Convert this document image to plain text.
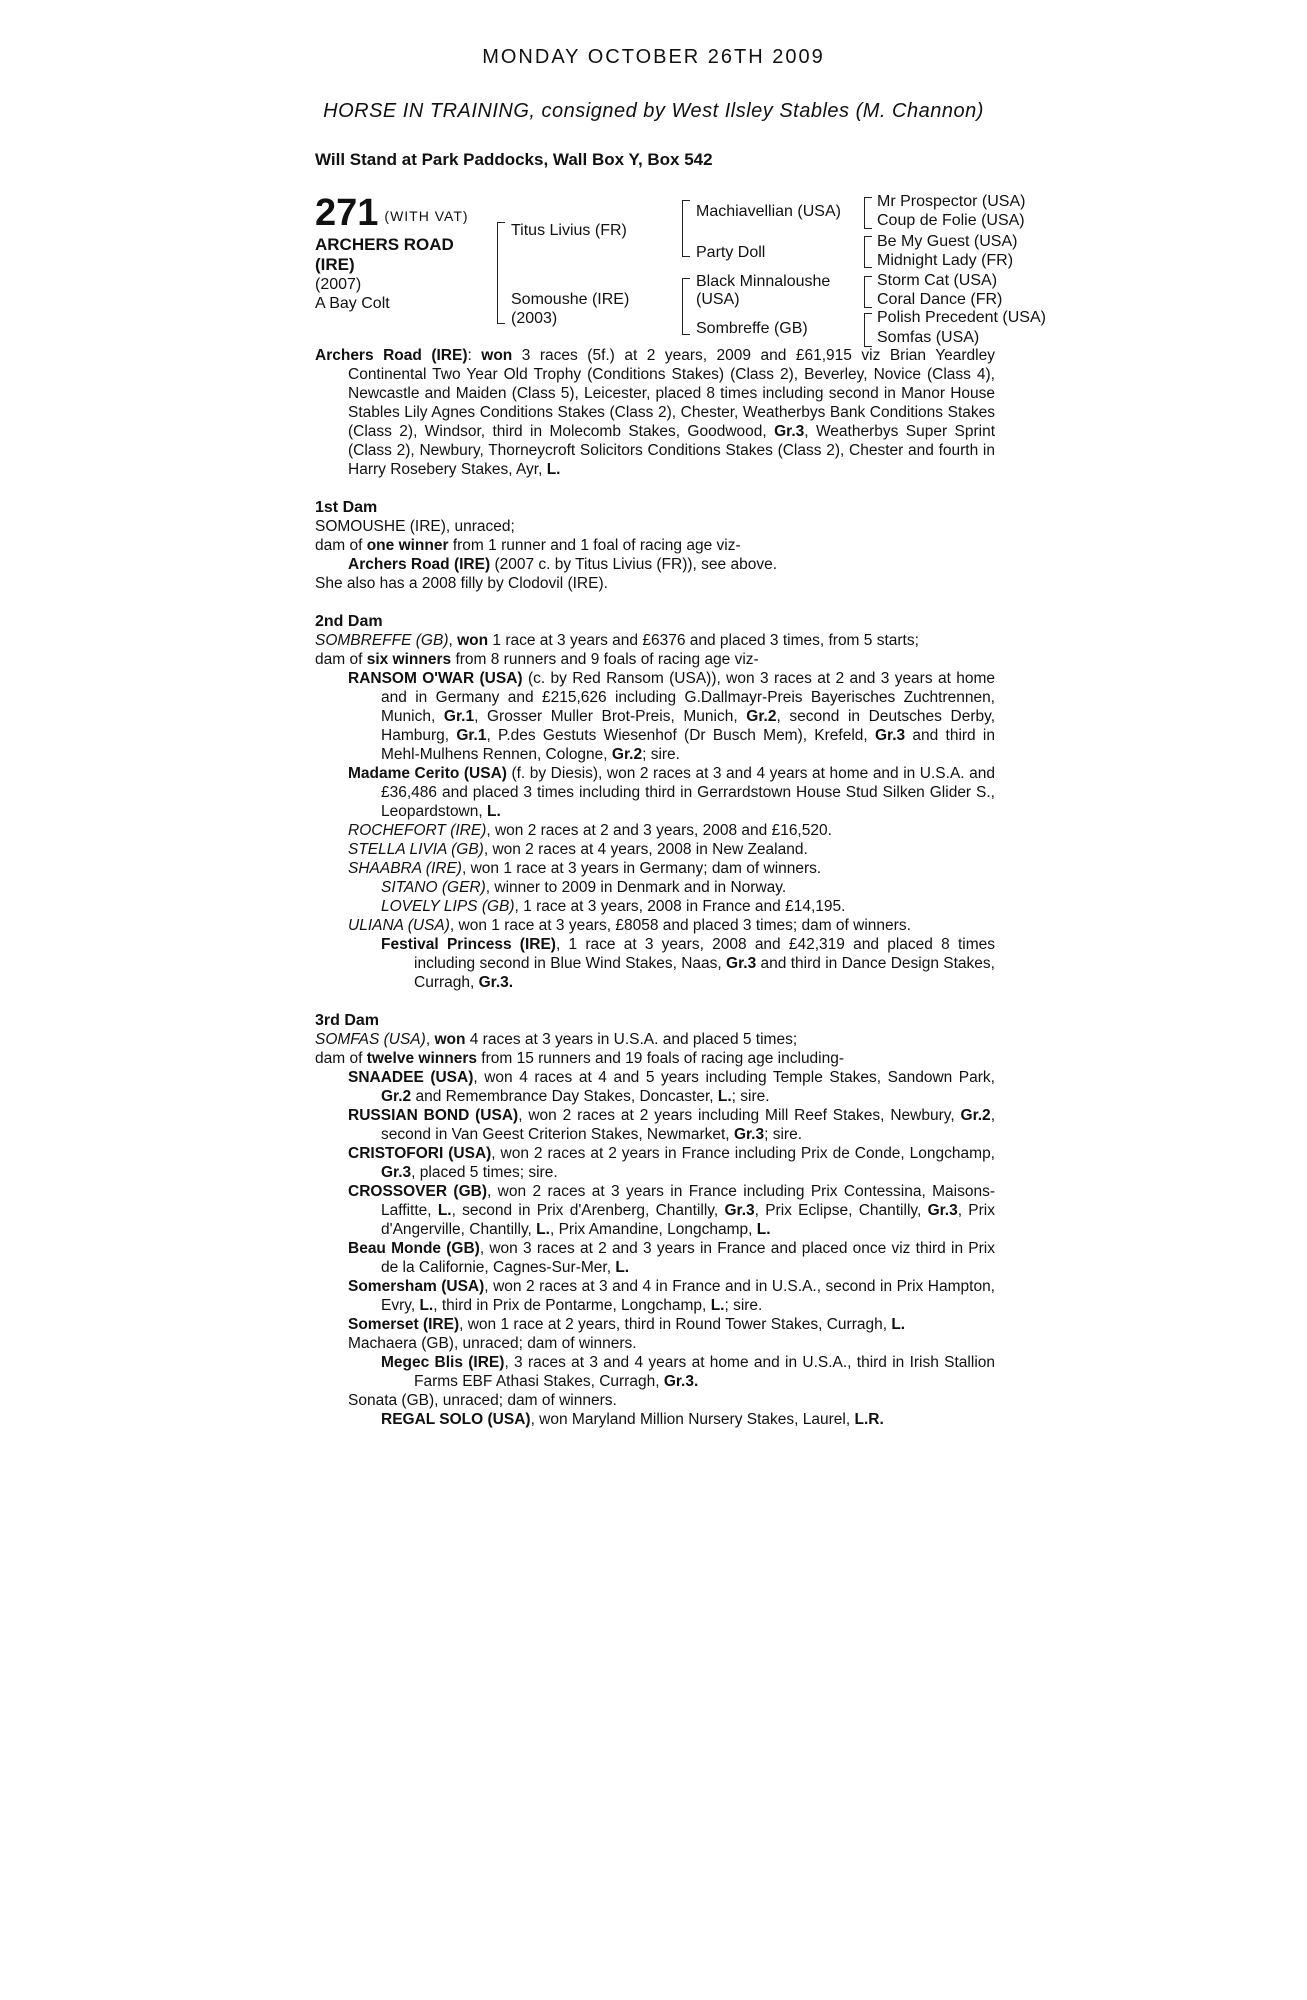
MONDAY OCTOBER 26TH 2009
HORSE IN TRAINING, consigned by West Ilsley Stables (M. Channon)
Will Stand at Park Paddocks, Wall Box Y, Box 542
271 (WITH VAT)
ARCHERS ROAD
(IRE)
(2007)
A Bay Colt
Titus Livius (FR)
Somoushe (IRE)
(2003)
Machiavellian (USA)
Party Doll
Black Minnaloushe
(USA)
Sombreffe (GB)
Mr Prospector (USA)
Coup de Folie (USA)
Be My Guest (USA)
Midnight Lady (FR)
Storm Cat (USA)
Coral Dance (FR)
Polish Precedent (USA)
Somfas (USA)

Archers Road (IRE): won 3 races (5f.) at 2 years, 2009 and £61,915 viz Brian Yeardley Continental Two Year Old Trophy (Conditions Stakes) (Class 2), Beverley, Novice (Class 4), Newcastle and Maiden (Class 5), Leicester, placed 8 times including second in Manor House Stables Lily Agnes Conditions Stakes (Class 2), Chester, Weatherbys Bank Conditions Stakes (Class 2), Windsor, third in Molecomb Stakes, Goodwood, Gr.3, Weatherbys Super Sprint (Class 2), Newbury, Thorneycroft Solicitors Conditions Stakes (Class 2), Chester and fourth in Harry Rosebery Stakes, Ayr, L.

1st Dam

SOMOUSHE (IRE), unraced;

dam of one winner from 1 runner and 1 foal of racing age viz-

Archers Road (IRE) (2007 c. by Titus Livius (FR)), see above.

She also has a 2008 filly by Clodovil (IRE).

2nd Dam

SOMBREFFE (GB), won 1 race at 3 years and £6376 and placed 3 times, from 5 starts;

dam of six winners from 8 runners and 9 foals of racing age viz-

RANSOM O'WAR (USA) (c. by Red Ransom (USA)), won 3 races at 2 and 3 years at home and in Germany and £215,626 including G.Dallmayr-Preis Bayerisches Zuchtrennen, Munich, Gr.1, Grosser Muller Brot-Preis, Munich, Gr.2, second in Deutsches Derby, Hamburg, Gr.1, P.des Gestuts Wiesenhof (Dr Busch Mem), Krefeld, Gr.3 and third in Mehl-Mulhens Rennen, Cologne, Gr.2; sire.

Madame Cerito (USA) (f. by Diesis), won 2 races at 3 and 4 years at home and in U.S.A. and £36,486 and placed 3 times including third in Gerrardstown House Stud Silken Glider S., Leopardstown, L.

ROCHEFORT (IRE), won 2 races at 2 and 3 years, 2008 and £16,520.

STELLA LIVIA (GB), won 2 races at 4 years, 2008 in New Zealand.

SHAABRA (IRE), won 1 race at 3 years in Germany; dam of winners.

SITANO (GER), winner to 2009 in Denmark and in Norway.

LOVELY LIPS (GB), 1 race at 3 years, 2008 in France and £14,195.

ULIANA (USA), won 1 race at 3 years, £8058 and placed 3 times; dam of winners.

Festival Princess (IRE), 1 race at 3 years, 2008 and £42,319 and placed 8 times including second in Blue Wind Stakes, Naas, Gr.3 and third in Dance Design Stakes, Curragh, Gr.3.

3rd Dam

SOMFAS (USA), won 4 races at 3 years in U.S.A. and placed 5 times;

dam of twelve winners from 15 runners and 19 foals of racing age including-

SNAADEE (USA), won 4 races at 4 and 5 years including Temple Stakes, Sandown Park, Gr.2 and Remembrance Day Stakes, Doncaster, L.; sire.

RUSSIAN BOND (USA), won 2 races at 2 years including Mill Reef Stakes, Newbury, Gr.2, second in Van Geest Criterion Stakes, Newmarket, Gr.3; sire.

CRISTOFORI (USA), won 2 races at 2 years in France including Prix de Conde, Longchamp, Gr.3, placed 5 times; sire.

CROSSOVER (GB), won 2 races at 3 years in France including Prix Contessina, Maisons-Laffitte, L., second in Prix d'Arenberg, Chantilly, Gr.3, Prix Eclipse, Chantilly, Gr.3, Prix d'Angerville, Chantilly, L., Prix Amandine, Longchamp, L.

Beau Monde (GB), won 3 races at 2 and 3 years in France and placed once viz third in Prix de la Californie, Cagnes-Sur-Mer, L.

Somersham (USA), won 2 races at 3 and 4 in France and in U.S.A., second in Prix Hampton, Evry, L., third in Prix de Pontarme, Longchamp, L.; sire.

Somerset (IRE), won 1 race at 2 years, third in Round Tower Stakes, Curragh, L.

Machaera (GB), unraced; dam of winners.

Megec Blis (IRE), 3 races at 3 and 4 years at home and in U.S.A., third in Irish Stallion Farms EBF Athasi Stakes, Curragh, Gr.3.

Sonata (GB), unraced; dam of winners.

REGAL SOLO (USA), won Maryland Million Nursery Stakes, Laurel, L.R.
